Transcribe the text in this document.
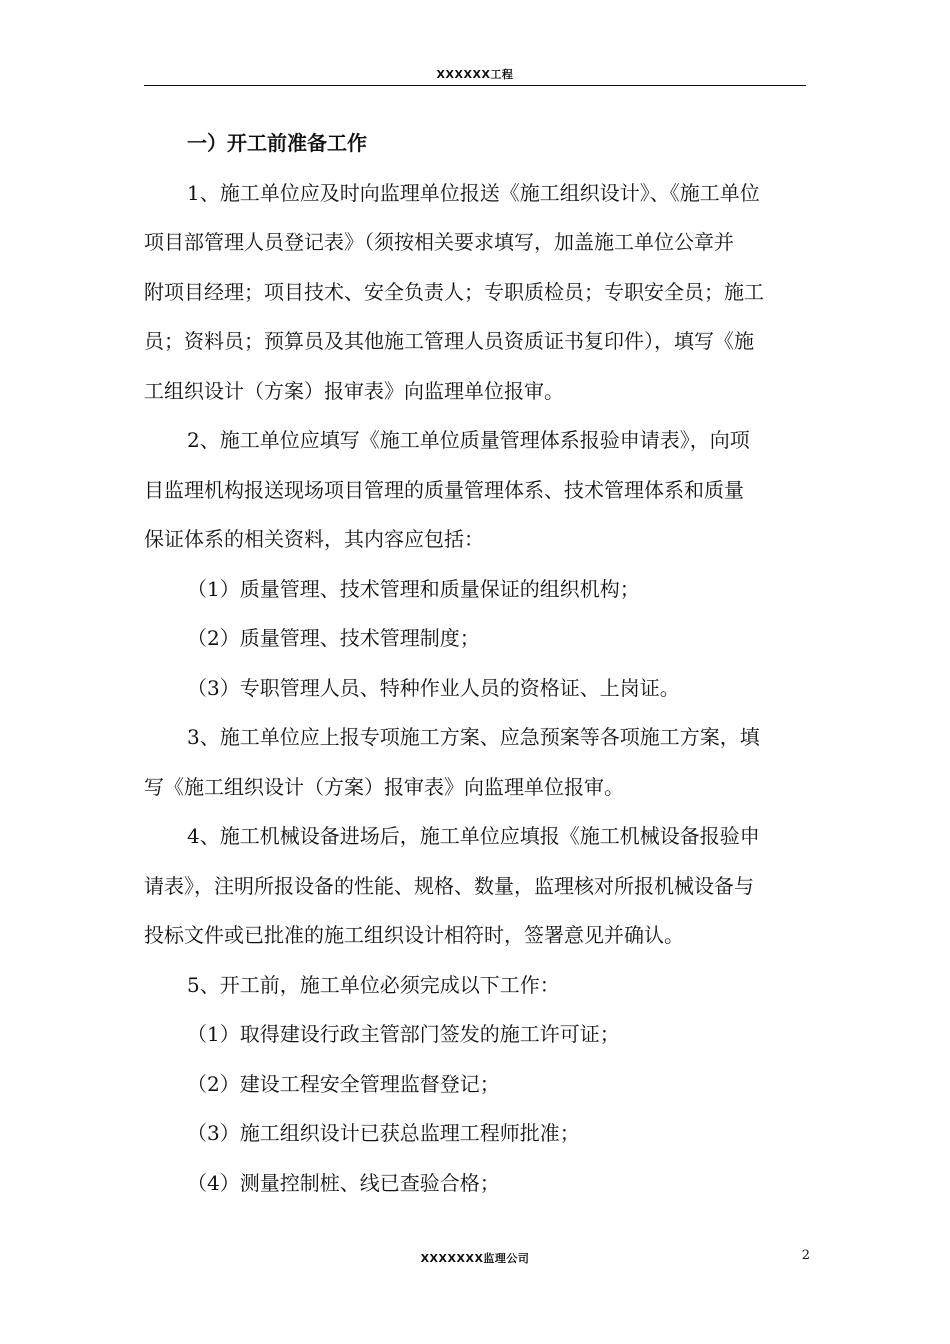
XXXXXX工程
一）开工前准备工作
1、施工单位应及时向监理单位报送《施工组织设计》、《施工单位
项目部管理人员登记表》（须按相关要求填写，加盖施工单位公章并
附项目经理；项目技术、安全负责人；专职质检员；专职安全员；施工
员；资料员；预算员及其他施工管理人员资质证书复印件），填写《施
工组织设计（方案）报审表》向监理单位报审。
2、施工单位应填写《施工单位质量管理体系报验申请表》，向项
目监理机构报送现场项目管理的质量管理体系、技术管理体系和质量
保证体系的相关资料，其内容应包括：
（1）质量管理、技术管理和质量保证的组织机构；
（2）质量管理、技术管理制度；
（3）专职管理人员、特种作业人员的资格证、上岗证。
3、施工单位应上报专项施工方案、应急预案等各项施工方案，填
写《施工组织设计（方案）报审表》向监理单位报审。
4、施工机械设备进场后，施工单位应填报《施工机械设备报验申
请表》，注明所报设备的性能、规格、数量，监理核对所报机械设备与
投标文件或已批准的施工组织设计相符时，签署意见并确认。
5、开工前，施工单位必须完成以下工作：
（1）取得建设行政主管部门签发的施工许可证；
（2）建设工程安全管理监督登记；
（3）施工组织设计已获总监理工程师批准；
（4）测量控制桩、线已查验合格；
XXXXXXX监理公司	2
